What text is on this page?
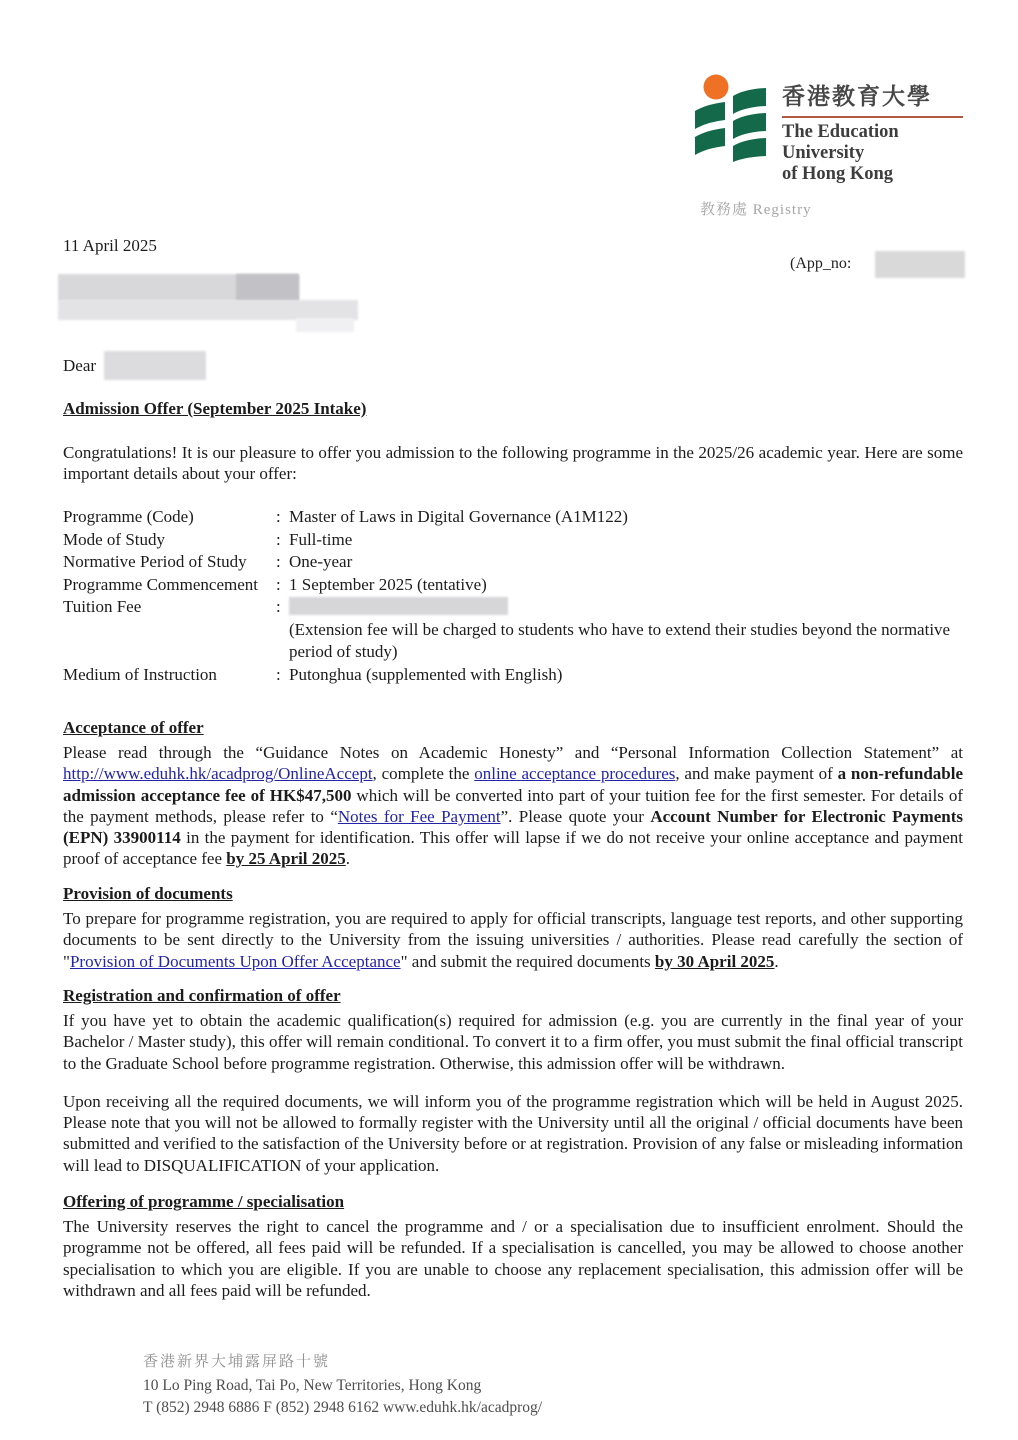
香港教育大學
The Education University
of Hong Kong
教務處 Registry
11 April 2025
(App_no:
Dear
Admission Offer (September 2025 Intake)
Congratulations! It is our pleasure to offer you admission to the following programme in the 2025/26 academic year. Here are some important details about your offer:
Programme (Code)	: Master of Laws in Digital Governance (A1M122)
Mode of Study	: Full-time
Normative Period of Study	: One-year
Programme Commencement	: 1 September 2025 (tentative)
Tuition Fee	:
(Extension fee will be charged to students who have to extend their studies beyond the normative period of study)
Medium of Instruction	: Putonghua (supplemented with English)
Acceptance of offer
Please read through the “Guidance Notes on Academic Honesty” and “Personal Information Collection Statement” at http://www.eduhk.hk/acadprog/OnlineAccept, complete the online acceptance procedures, and make payment of a non-refundable admission acceptance fee of HK$47,500 which will be converted into part of your tuition fee for the first semester. For details of the payment methods, please refer to “Notes for Fee Payment”. Please quote your Account Number for Electronic Payments (EPN) 33900114 in the payment for identification. This offer will lapse if we do not receive your online acceptance and payment proof of acceptance fee by 25 April 2025.
Provision of documents
To prepare for programme registration, you are required to apply for official transcripts, language test reports, and other supporting documents to be sent directly to the University from the issuing universities / authorities. Please read carefully the section of "Provision of Documents Upon Offer Acceptance" and submit the required documents by 30 April 2025.
Registration and confirmation of offer
If you have yet to obtain the academic qualification(s) required for admission (e.g. you are currently in the final year of your Bachelor / Master study), this offer will remain conditional. To convert it to a firm offer, you must submit the final official transcript to the Graduate School before programme registration. Otherwise, this admission offer will be withdrawn.
Upon receiving all the required documents, we will inform you of the programme registration which will be held in August 2025. Please note that you will not be allowed to formally register with the University until all the original / official documents have been submitted and verified to the satisfaction of the University before or at registration. Provision of any false or misleading information will lead to DISQUALIFICATION of your application.
Offering of programme / specialisation
The University reserves the right to cancel the programme and / or a specialisation due to insufficient enrolment. Should the programme not be offered, all fees paid will be refunded. If a specialisation is cancelled, you may be allowed to choose another specialisation to which you are eligible. If you are unable to choose any replacement specialisation, this admission offer will be withdrawn and all fees paid will be refunded.
香港新界大埔露屏路十號
10 Lo Ping Road, Tai Po, New Territories, Hong Kong
T (852) 2948 6886 F (852) 2948 6162 www.eduhk.hk/acadprog/
